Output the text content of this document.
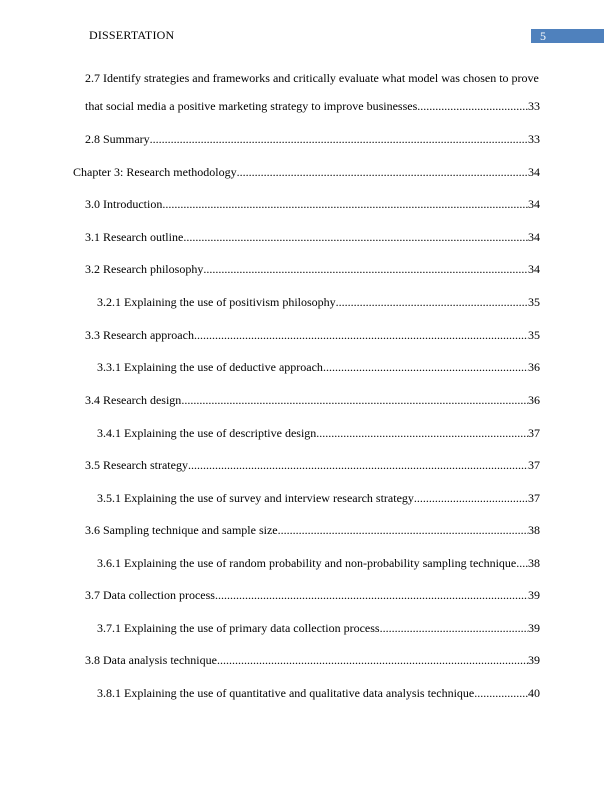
DISSERTATION	5
2.7 Identify strategies and frameworks and critically evaluate what model was chosen to prove
that social media a positive marketing strategy to improve businesses .....	33
2.8 Summary .....	33
Chapter 3: Research methodology .....	34
3.0 Introduction .....	34
3.1 Research outline .....	34
3.2 Research philosophy .....	34
3.2.1 Explaining the use of positivism philosophy .....	35
3.3 Research approach .....	35
3.3.1 Explaining the use of deductive approach .....	36
3.4 Research design .....	36
3.4.1 Explaining the use of descriptive design .....	37
3.5 Research strategy .....	37
3.5.1 Explaining the use of survey and interview research strategy .....	37
3.6 Sampling technique and sample size .....	38
3.6.1 Explaining the use of random probability and non-probability sampling technique ..... 38
3.7 Data collection process .....	39
3.7.1 Explaining the use of primary data collection process .....	39
3.8 Data analysis technique .....	39
3.8.1 Explaining the use of quantitative and qualitative data analysis technique .....	40
